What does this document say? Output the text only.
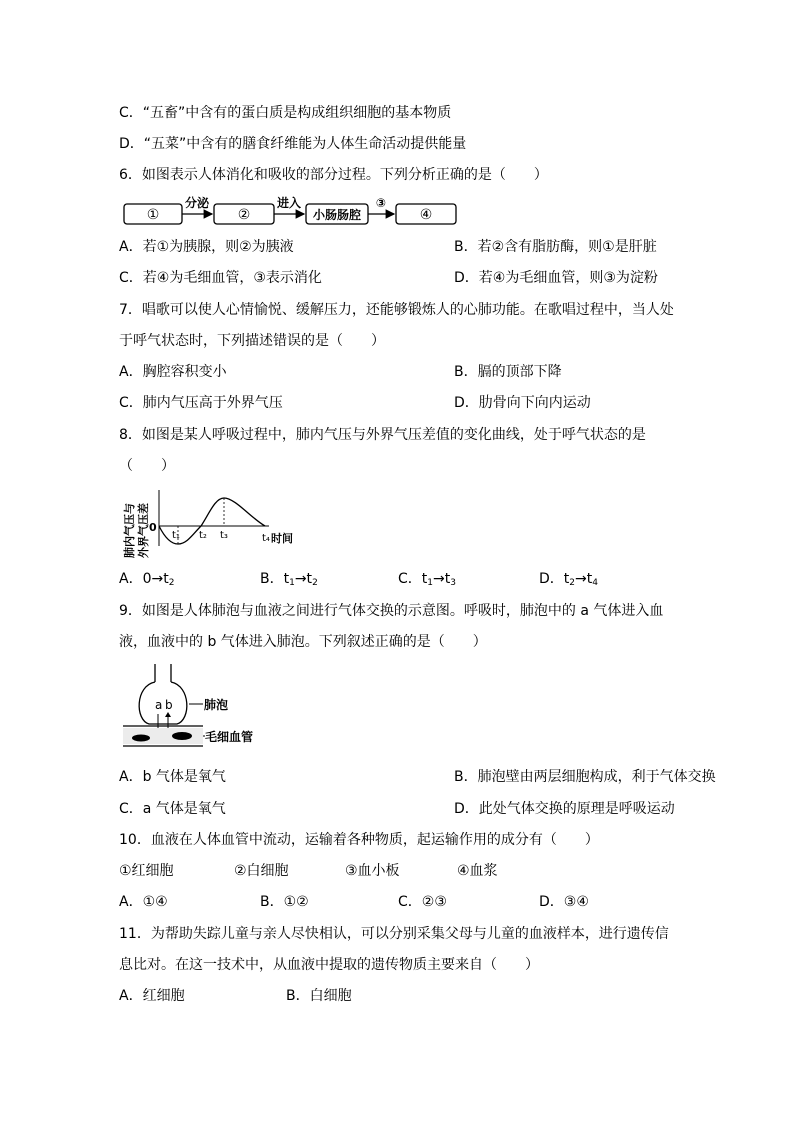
C．“五畜”中含有的蛋白质是构成组织细胞的基本物质
D．“五菜”中含有的膳食纤维能为人体生命活动提供能量
6．如图表示人体消化和吸收的部分过程。下列分析正确的是（　　）
①
分泌
②
进入
小肠肠腔
③
④
A．若①为胰腺，则②为胰液	B．若②含有脂肪酶，则①是肝脏
C．若④为毛细血管，③表示消化	D．若④为毛细血管，则③为淀粉
7．唱歌可以使人心情愉悦、缓解压力，还能够锻炼人的心肺功能。在歌唱过程中，当人处
于呼气状态时，下列描述错误的是（　　）
A．胸腔容积变小	B．膈的顶部下降
C．肺内气压高于外界气压	D．肋骨向下向内运动
8．如图是某人呼吸过程中，肺内气压与外界气压差值的变化曲线，处于呼气状态的是
（　　）
肺内气压与 外界气压差 0
t₁ t₂ t₃	t₄ 时间
A．$0\to t_2$	B．$t_1\to t_2$	C．$t_1\to t_3$	D．$t_2\to t_4$
9．如图是人体肺泡与血液之间进行气体交换的示意图。呼吸时，肺泡中的 a 气体进入血
液，血液中的 b 气体进入肺泡。下列叙述正确的是（　　）
a b	肺泡
毛细血管
A．b 气体是氧气	B．肺泡壁由两层细胞构成，利于气体交换
C．a 气体是氧气	D．此处气体交换的原理是呼吸运动
10．血液在人体血管中流动，运输着各种物质，起运输作用的成分有（　　）
①红细胞	②白细胞	③血小板	④血浆
A．①④	B．①②	C．②③	D．③④
11．为帮助失踪儿童与亲人尽快相认，可以分别采集父母与儿童的血液样本，进行遗传信
息比对。在这一技术中，从血液中提取的遗传物质主要来自（　　）
A．红细胞	B．白细胞
